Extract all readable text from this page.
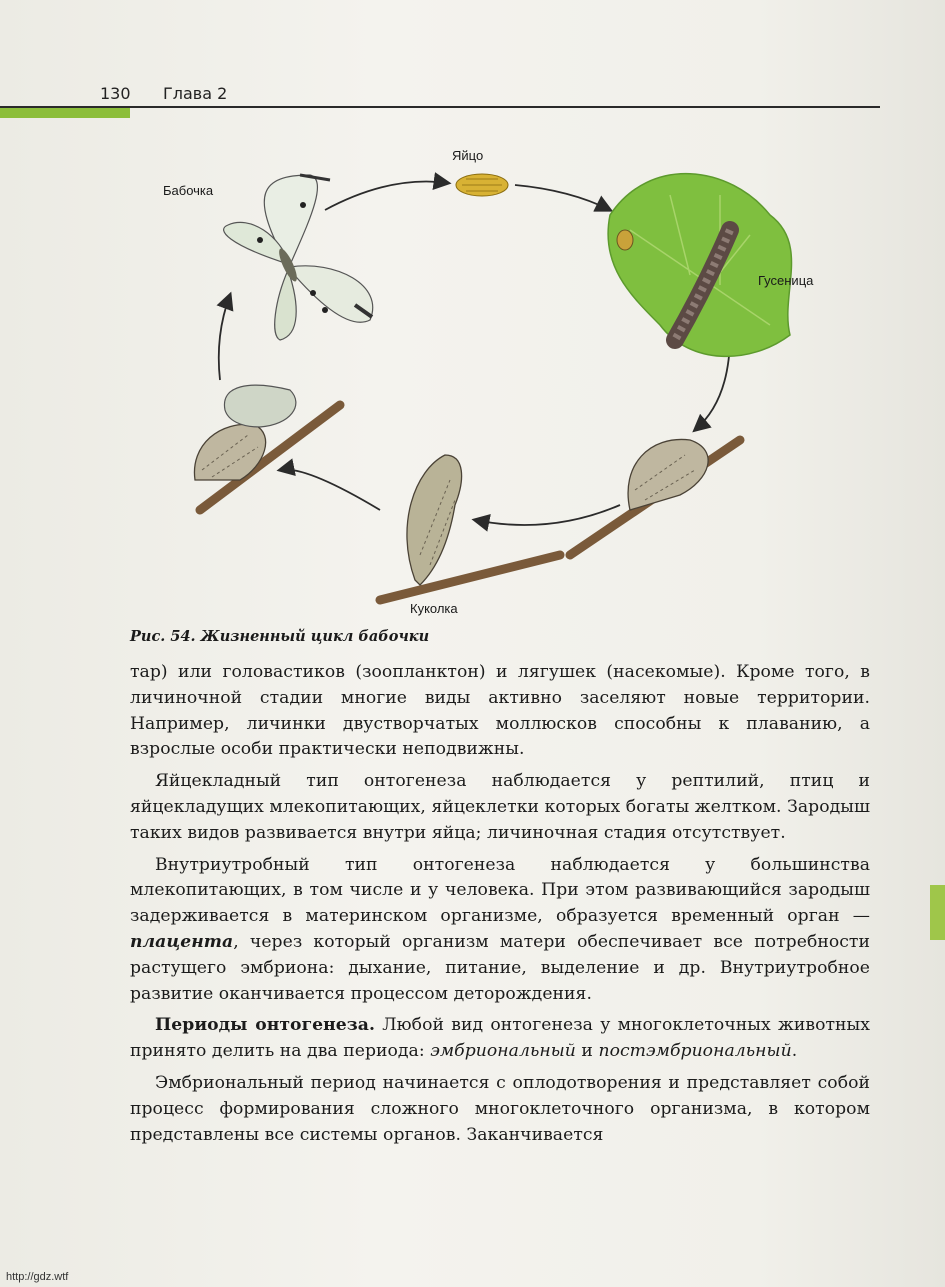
130 Глава 2
Яйцо
Бабочка
Гусеница
Куколка
Рис. 54. Жизненный цикл бабочки

тар) или головастиков (зоопланктон) и лягушек (насекомые). Кроме того, в личиночной стадии многие виды активно заселяют новые территории. Например, личинки двустворчатых моллюсков способны к плаванию, а взрослые особи практически неподвижны.

Яйцекладный тип онтогенеза наблюдается у рептилий, птиц и яйцекладущих млекопитающих, яйцеклетки которых богаты желтком. Зародыш таких видов развивается внутри яйца; личиночная стадия отсутствует.

Внутриутробный тип онтогенеза наблюдается у большинства млекопитающих, в том числе и у человека. При этом развивающийся зародыш задерживается в материнском организме, образуется временный орган — плацента, через который организм матери обеспечивает все потребности растущего эмбриона: дыхание, питание, выделение и др. Внутриутробное развитие оканчивается процессом деторождения.

Периоды онтогенеза. Любой вид онтогенеза у многоклеточных животных принято делить на два периода: эмбриональный и постэмбриональный.

Эмбриональный период начинается с оплодотворения и представляет собой процесс формирования сложного многоклеточного организма, в котором представлены все системы органов. Заканчивается

http://gdz.wtf
